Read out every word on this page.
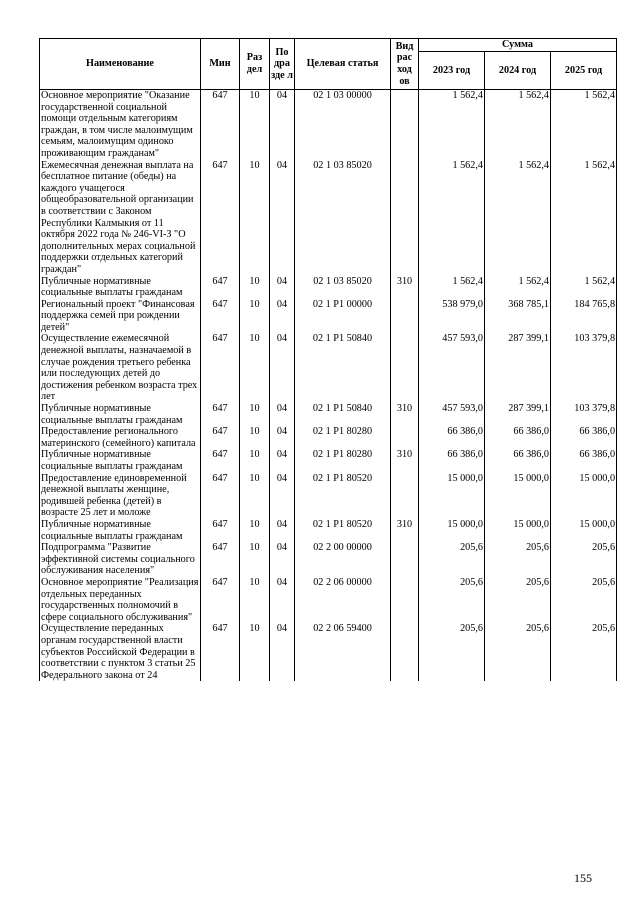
Наименование	Мин	Раз дел	По дра зде л	Целевая статья	Вид рас ход ов	Сумма		
						2023 год	2024 год	2025 год
Основное мероприятие "Оказание государственной социальной помощи отдельным категориям граждан, в том числе малоимущим семьям, малоимущим одиноко проживающим гражданам"	647	10	04	02 1 03 00000		1 562,4	1 562,4	1 562,4
Ежемесячная денежная выплата на бесплатное питание (обеды) на каждого учащегося общеобразовательной организации в соответствии с Законом Республики Калмыкия от 11 октября 2022 года № 246-VI-З "О дополнительных мерах социальной поддержки отдельных категорий граждан"	647	10	04	02 1 03 85020		1 562,4	1 562,4	1 562,4
Публичные нормативные социальные выплаты гражданам	647	10	04	02 1 03 85020	310	1 562,4	1 562,4	1 562,4
Региональный проект "Финансовая поддержка семей при рождении детей"	647	10	04	02 1 P1 00000		538 979,0	368 785,1	184 765,8
Осуществление ежемесячной денежной выплаты, назначаемой в случае рождения третьего ребенка или последующих детей до достижения ребенком возраста трех лет	647	10	04	02 1 P1 50840		457 593,0	287 399,1	103 379,8
Публичные нормативные социальные выплаты гражданам	647	10	04	02 1 P1 50840	310	457 593,0	287 399,1	103 379,8
Предоставление регионального материнского (семейного) капитала	647	10	04	02 1 P1 80280		66 386,0	66 386,0	66 386,0
Публичные нормативные социальные выплаты гражданам	647	10	04	02 1 P1 80280	310	66 386,0	66 386,0	66 386,0
Предоставление единовременной денежной выплаты женщине, родившей ребенка (детей) в возрасте 25 лет и моложе	647	10	04	02 1 P1 80520		15 000,0	15 000,0	15 000,0
Публичные нормативные социальные выплаты гражданам	647	10	04	02 1 P1 80520	310	15 000,0	15 000,0	15 000,0
Подпрограмма "Развитие эффективной системы социального обслуживания населения"	647	10	04	02 2 00 00000		205,6	205,6	205,6
Основное мероприятие "Реализация отдельных переданных государственных полномочий в сфере социального обслуживания"	647	10	04	02 2 06 00000		205,6	205,6	205,6
Осуществление переданных органам государственной власти субъектов Российской Федерации в соответствии с пунктом 3 статьи 25 Федерального закона от 24	647	10	04	02 2 06 59400		205,6	205,6	205,6
155
